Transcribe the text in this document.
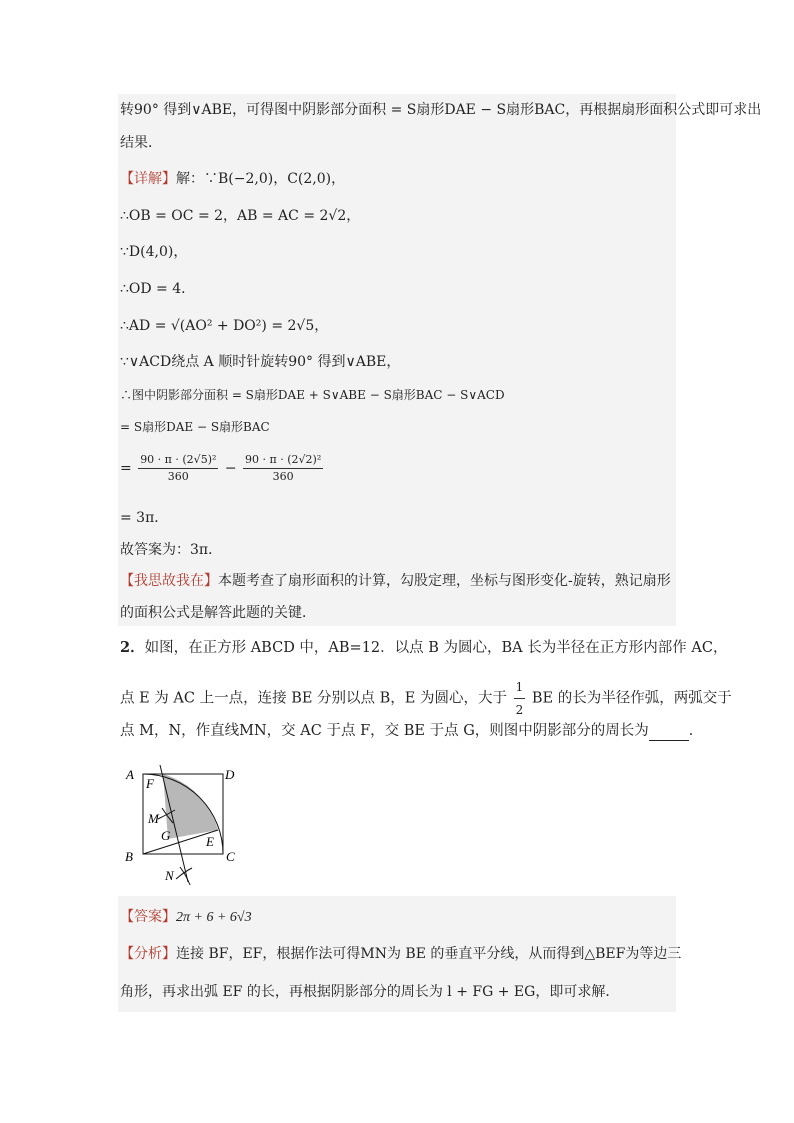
转90° 得到∨ABE，可得图中阴影部分面积 = S扇形DAE − S扇形BAC，再根据扇形面积公式即可求出
结果．
【详解】解：∵B(−2,0)，C(2,0)，
∴OB = OC = 2，AB = AC = 2√2，
∵D(4,0)，
∴OD = 4．
∴AD = √(AO² + DO²) = 2√5，
∵∨ACD绕点 A 顺时针旋转90° 得到∨ABE，
∴图中阴影部分面积 = S扇形DAE + S∨ABE − S扇形BAC − S∨ACD
= S扇形DAE − S扇形BAC
= $\frac{\text{90 · π · (2√5)²}}{360} - \frac{\text{90 · π · (2√2)²}}{360}$
= 3π．
故答案为：3π．
【我思故我在】本题考查了扇形面积的计算，勾股定理，坐标与图形变化-旋转，熟记扇形
的面积公式是解答此题的关键．
2．如图，在正方形 ABCD 中，AB=12．以点 B 为圆心，BA 长为半径在正方形内部作 AC，
点 E 为 AC 上一点，连接 BE 分别以点 B，E 为圆心，大于 $\frac{1}{2}$ BE 的长为半径作弧，两弧交于
点 M，N，作直线MN，交 AC 于点 F，交 BE 于点 G，则图中阴影部分的周长为	．
A	D
B	C
F
M
G	E
N
【答案】2π + 6 + 6√3
【分析】连接 BF，EF，根据作法可得MN为 BE 的垂直平分线，从而得到△BEF为等边三
角形，再求出弧 EF 的长，再根据阴影部分的周长为 l + FG + EG，即可求解．
